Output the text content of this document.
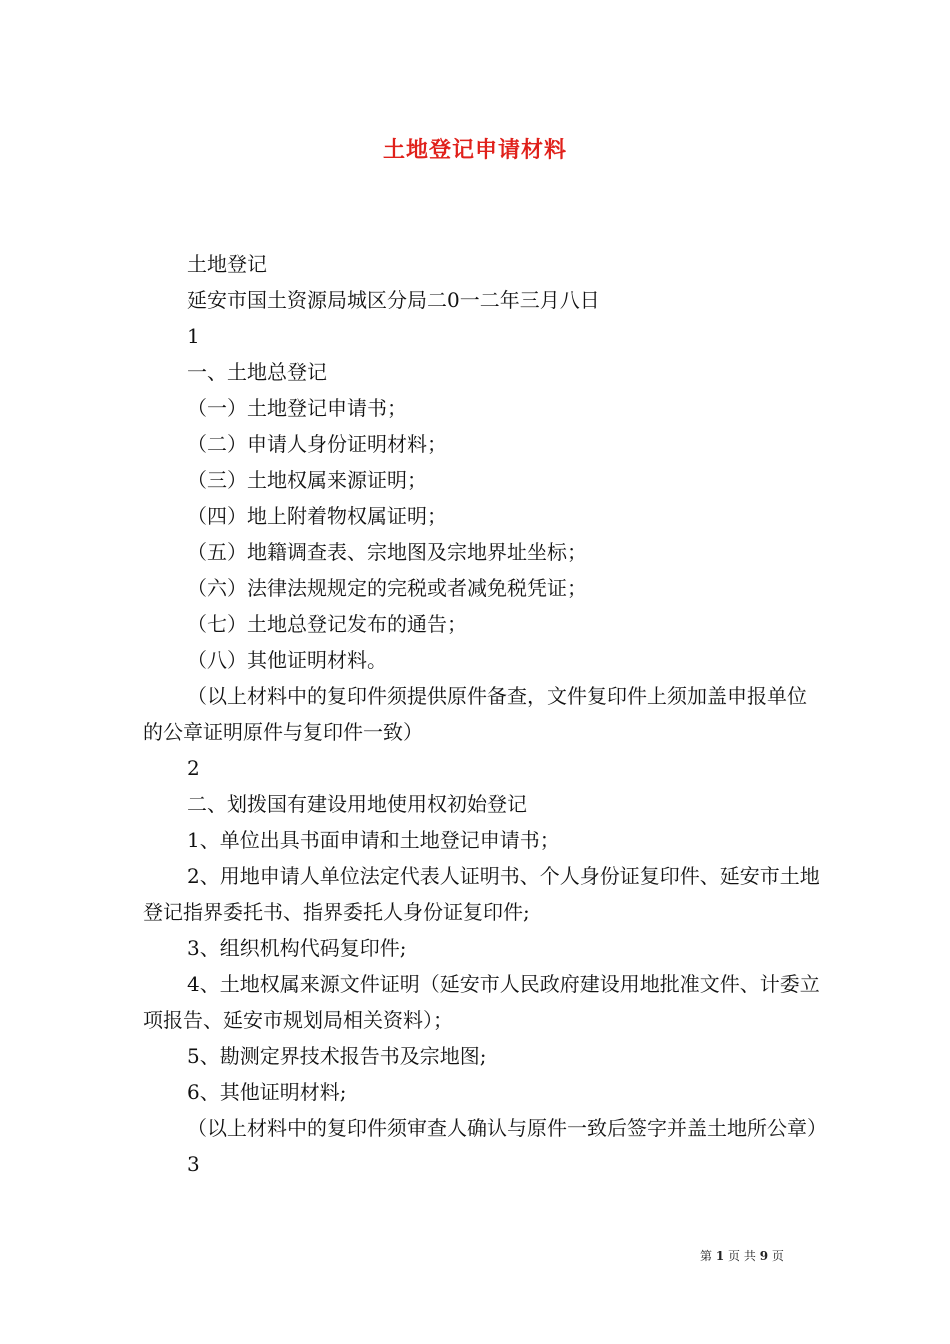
土地登记申请材料

土地登记

延安市国土资源局城区分局二0一二年三月八日

1

一、土地总登记

（一）土地登记申请书；

（二）申请人身份证明材料；

（三）土地权属来源证明；

（四）地上附着物权属证明；

（五）地籍调查表、宗地图及宗地界址坐标；

（六）法律法规规定的完税或者减免税凭证；

（七）土地总登记发布的通告；

（八）其他证明材料。

（以上材料中的复印件须提供原件备查，文件复印件上须加盖申报单位的公章证明原件与复印件一致）

2

二、划拨国有建设用地使用权初始登记

1、单位出具书面申请和土地登记申请书；

2、用地申请人单位法定代表人证明书、个人身份证复印件、延安市土地登记指界委托书、指界委托人身份证复印件;

3、组织机构代码复印件;

4、土地权属来源文件证明（延安市人民政府建设用地批准文件、计委立项报告、延安市规划局相关资料）；

5、勘测定界技术报告书及宗地图;

6、其他证明材料;

（以上材料中的复印件须审查人确认与原件一致后签字并盖土地所公章）

3

第 1 页 共 9 页
